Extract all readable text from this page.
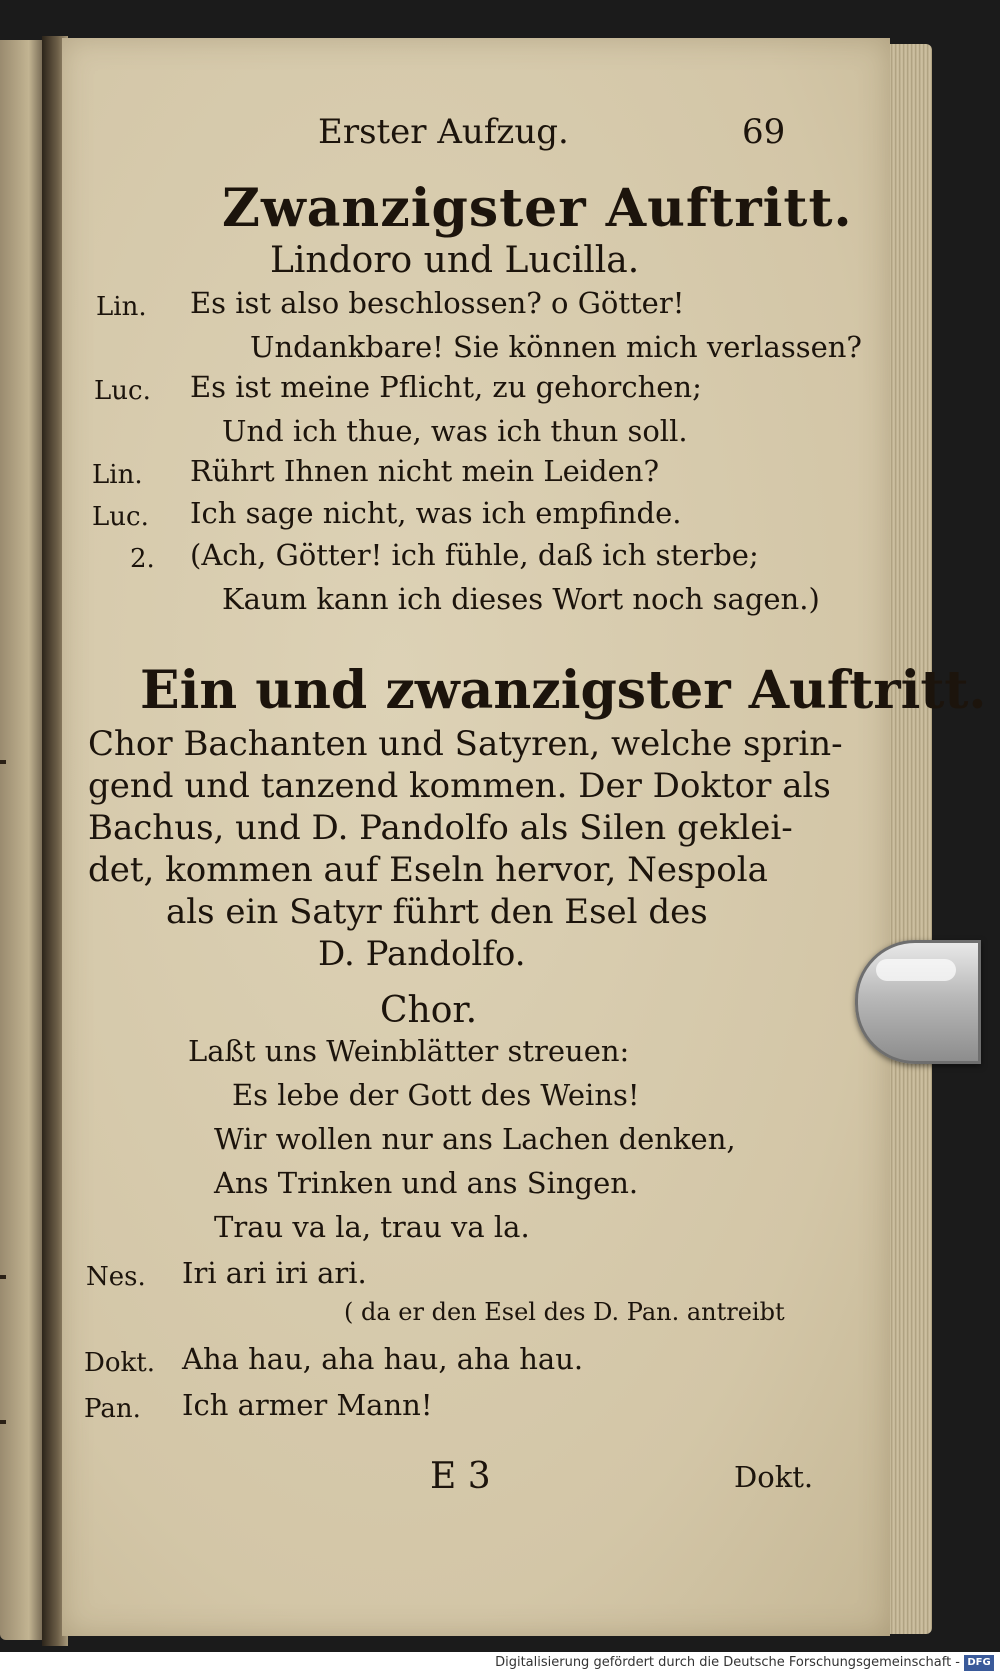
Erster Aufzug.	69
Zwanzigster Auftritt.
Lindoro und Lucilla.
Lin. Es ist also beschlossen? o Götter!
Undankbare! Sie können mich verlassen?
Luc. Es ist meine Pflicht, zu gehorchen;
Und ich thue, was ich thun soll.
Lin. Rührt Ihnen nicht mein Leiden?
Luc. Ich sage nicht, was ich empfinde.
2. (Ach, Götter! ich fühle, daß ich sterbe;
Kaum kann ich dieses Wort noch sagen.)
Ein und zwanzigster Auftritt.
Chor Bachanten und Satyren, welche sprin-
gend und tanzend kommen. Der Doktor als
Bachus, und D. Pandolfo als Silen geklei-
det, kommen auf Eseln hervor, Nespola
als ein Satyr führt den Esel des
D. Pandolfo.
Chor.
Laßt uns Weinblätter streuen:
Es lebe der Gott des Weins!
Wir wollen nur ans Lachen denken,
Ans Trinken und ans Singen.
Trau va la, trau va la.
Nes. Iri ari iri ari.
( da er den Esel des D. Pan. antreibt
Dokt. Aha hau, aha hau, aha hau.
Pan. Ich armer Mann!
E 3	Dokt.
Digitalisierung gefördert durch die Deutsche Forschungsgemeinschaft - DFG
